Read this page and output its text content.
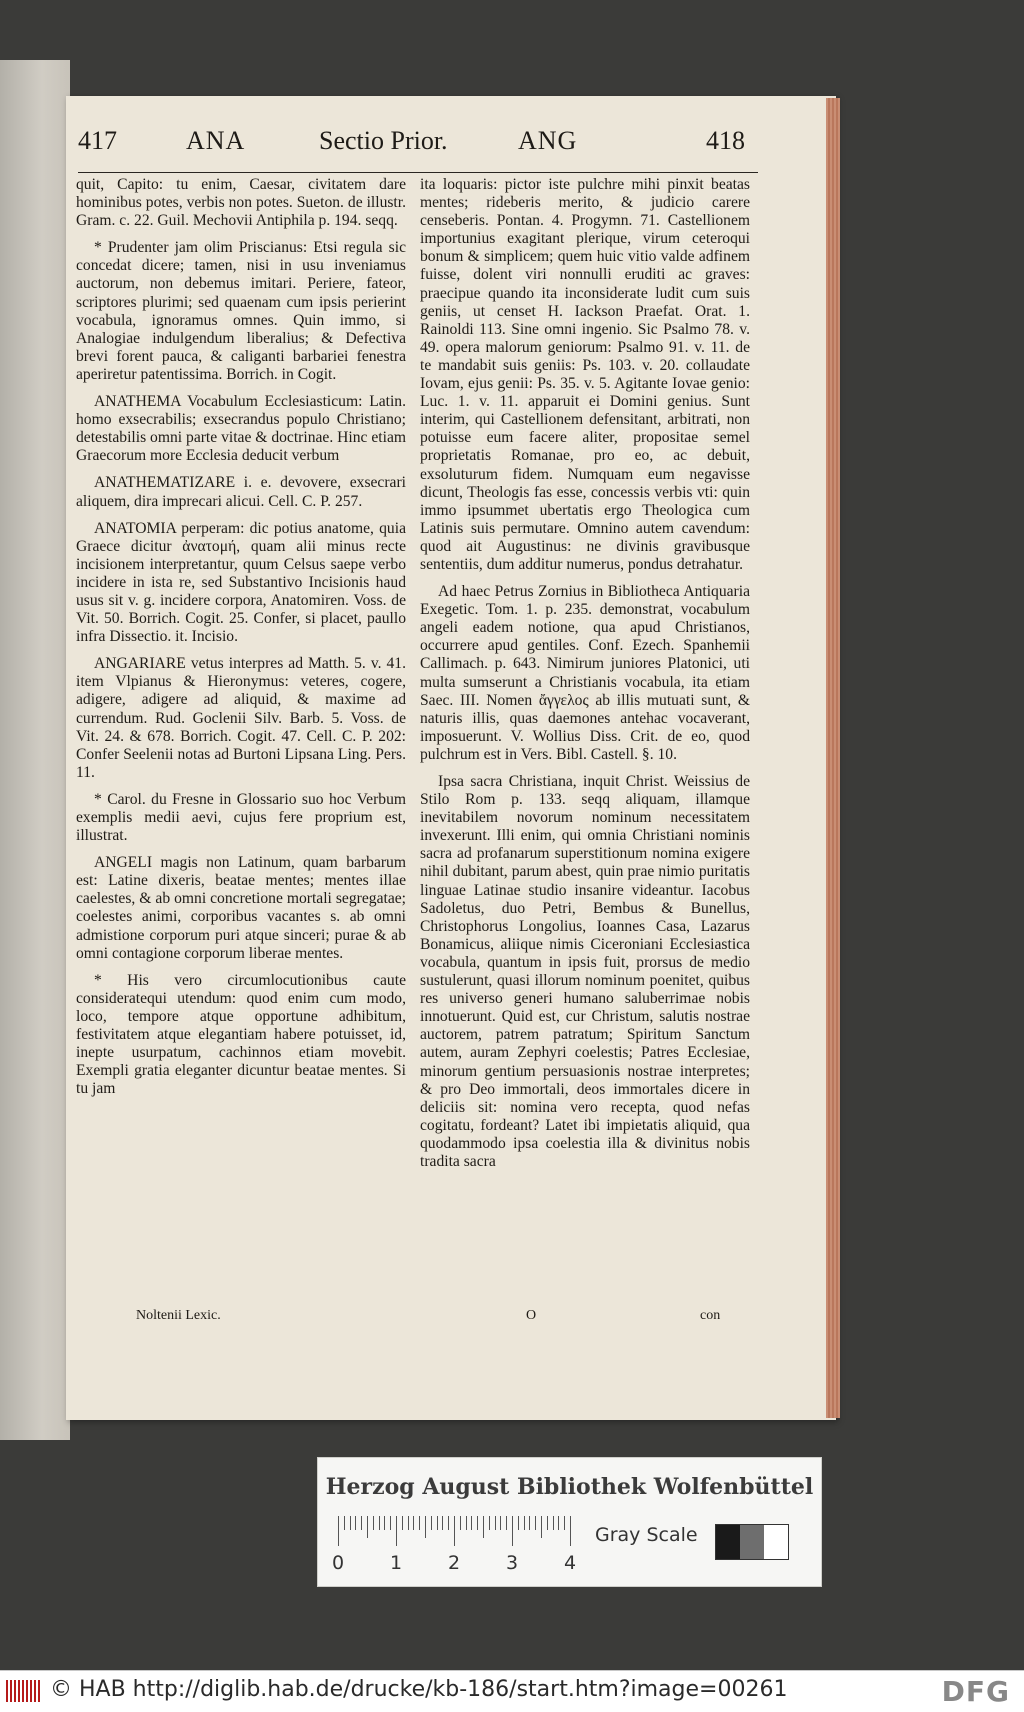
417	ANA	Sectio Prior.	ANG	418

quit, Capito: tu enim, Caesar, civitatem dare hominibus potes, verbis non potes. Sueton. de illustr. Gram. c. 22. Guil. Mechovii Antiphila p. 194. seqq.

* Prudenter jam olim Priscianus: Etsi regula sic concedat dicere; tamen, nisi in usu inveniamus auctorum, non debemus imitari. Periere, fateor, scriptores plurimi; sed quaenam cum ipsis perierint vocabula, ignoramus omnes. Quin immo, si Analogiae indulgendum liberalius; & Defectiva brevi forent pauca, & caliganti barbariei fenestra aperiretur patentissima. Borrich. in Cogit.

ANATHEMA Vocabulum Ecclesiasticum: Latin. homo exsecrabilis; exsecrandus populo Christiano; detestabilis omni parte vitae & doctrinae. Hinc etiam Graecorum more Ecclesia deducit verbum

ANATHEMATIZARE i. e. devovere, exsecrari aliquem, dira imprecari alicui. Cell. C. P. 257.

ANATOMIA perperam: dic potius anatome, quia Graece dicitur ἀνατομή, quam alii minus recte incisionem interpretantur, quum Celsus saepe verbo incidere in ista re, sed Substantivo Incisionis haud usus sit v. g. incidere corpora, Anatomiren. Voss. de Vit. 50. Borrich. Cogit. 25. Confer, si placet, paullo infra Dissectio. it. Incisio.

ANGARIARE vetus interpres ad Matth. 5. v. 41. item Vlpianus & Hieronymus: veteres, cogere, adigere, adigere ad aliquid, & maxime ad currendum. Rud. Goclenii Silv. Barb. 5. Voss. de Vit. 24. & 678. Borrich. Cogit. 47. Cell. C. P. 202: Confer Seelenii notas ad Burtoni Lipsana Ling. Pers. 11.

* Carol. du Fresne in Glossario suo hoc Verbum exemplis medii aevi, cujus fere proprium est, illustrat.

ANGELI magis non Latinum, quam barbarum est: Latine dixeris, beatae mentes; mentes illae caelestes, & ab omni concretione mortali segregatae; coelestes animi, corporibus vacantes s. ab omni admistione corporum puri atque sinceri; purae & ab omni contagione corporum liberae mentes.

* His vero circumlocutionibus caute consideratequi utendum: quod enim cum modo, loco, tempore atque opportune adhibitum, festivitatem atque elegantiam habere potuisset, id, inepte usurpatum, cachinnos etiam movebit. Exempli gratia eleganter dicuntur beatae mentes. Si tu jam

ita loquaris: pictor iste pulchre mihi pinxit beatas mentes; rideberis merito, & judicio carere censeberis. Pontan. 4. Progymn. 71. Castellionem importunius exagitant plerique, virum ceteroqui bonum & simplicem; quem huic vitio valde adfinem fuisse, dolent viri nonnulli eruditi ac graves: praecipue quando ita inconsiderate ludit cum suis geniis, ut censet H. Iackson Praefat. Orat. 1. Rainoldi 113. Sine omni ingenio. Sic Psalmo 78. v. 49. opera malorum geniorum: Psalmo 91. v. 11. de te mandabit suis geniis: Ps. 103. v. 20. collaudate Iovam, ejus genii: Ps. 35. v. 5. Agitante Iovae genio: Luc. 1. v. 11. apparuit ei Domini genius. Sunt interim, qui Castellionem defensitant, arbitrati, non potuisse eum facere aliter, propositae semel proprietatis Romanae, pro eo, ac debuit, exsoluturum fidem. Numquam eum negavisse dicunt, Theologis fas esse, concessis verbis vti: quin immo ipsummet ubertatis ergo Theologica cum Latinis suis permutare. Omnino autem cavendum: quod ait Augustinus: ne divinis gravibusque sententiis, dum additur numerus, pondus detrahatur.

Ad haec Petrus Zornius in Bibliotheca Antiquaria Exegetic. Tom. 1. p. 235. demonstrat, vocabulum angeli eadem notione, qua apud Christianos, occurrere apud gentiles. Conf. Ezech. Spanhemii Callimach. p. 643. Nimirum juniores Platonici, uti multa sumserunt a Christianis vocabula, ita etiam Saec. III. Nomen ἄγγελος ab illis mutuati sunt, & naturis illis, quas daemones antehac vocaverant, imposuerunt. V. Wollius Diss. Crit. de eo, quod pulchrum est in Vers. Bibl. Castell. §. 10.

Ipsa sacra Christiana, inquit Christ. Weissius de Stilo Rom p. 133. seqq aliquam, illamque inevitabilem novorum nominum necessitatem invexerunt. Illi enim, qui omnia Christiani nominis sacra ad profanarum superstitionum nomina exigere nihil dubitant, parum abest, quin prae nimio puritatis linguae Latinae studio insanire videantur. Iacobus Sadoletus, duo Petri, Bembus & Bunellus, Christophorus Longolius, Ioannes Casa, Lazarus Bonamicus, aliique nimis Ciceroniani Ecclesiastica vocabula, quantum in ipsis fuit, prorsus de medio sustulerunt, quasi illorum nominum poenitet, quibus res universo generi humano saluberrimae nobis innotuerunt. Quid est, cur Christum, salutis nostrae auctorem, patrem patratum; Spiritum Sanctum autem, auram Zephyri coelestis; Patres Ecclesiae, minorum gentium persuasionis nostrae interpretes; & pro Deo immortali, deos immortales dicere in deliciis sit: nomina vero recepta, quod nefas cogitatu, fordeant? Latet ibi impietatis aliquid, qua quodammodo ipsa coelestia illa & divinitus nobis tradita sacra

Noltenii Lexic.	O	con
Herzog August Bibliothek Wolfenbüttel
0 1 2 3 4
Gray Scale
© HAB http://diglib.hab.de/drucke/kb-186/start.htm?image=00261	DFG
